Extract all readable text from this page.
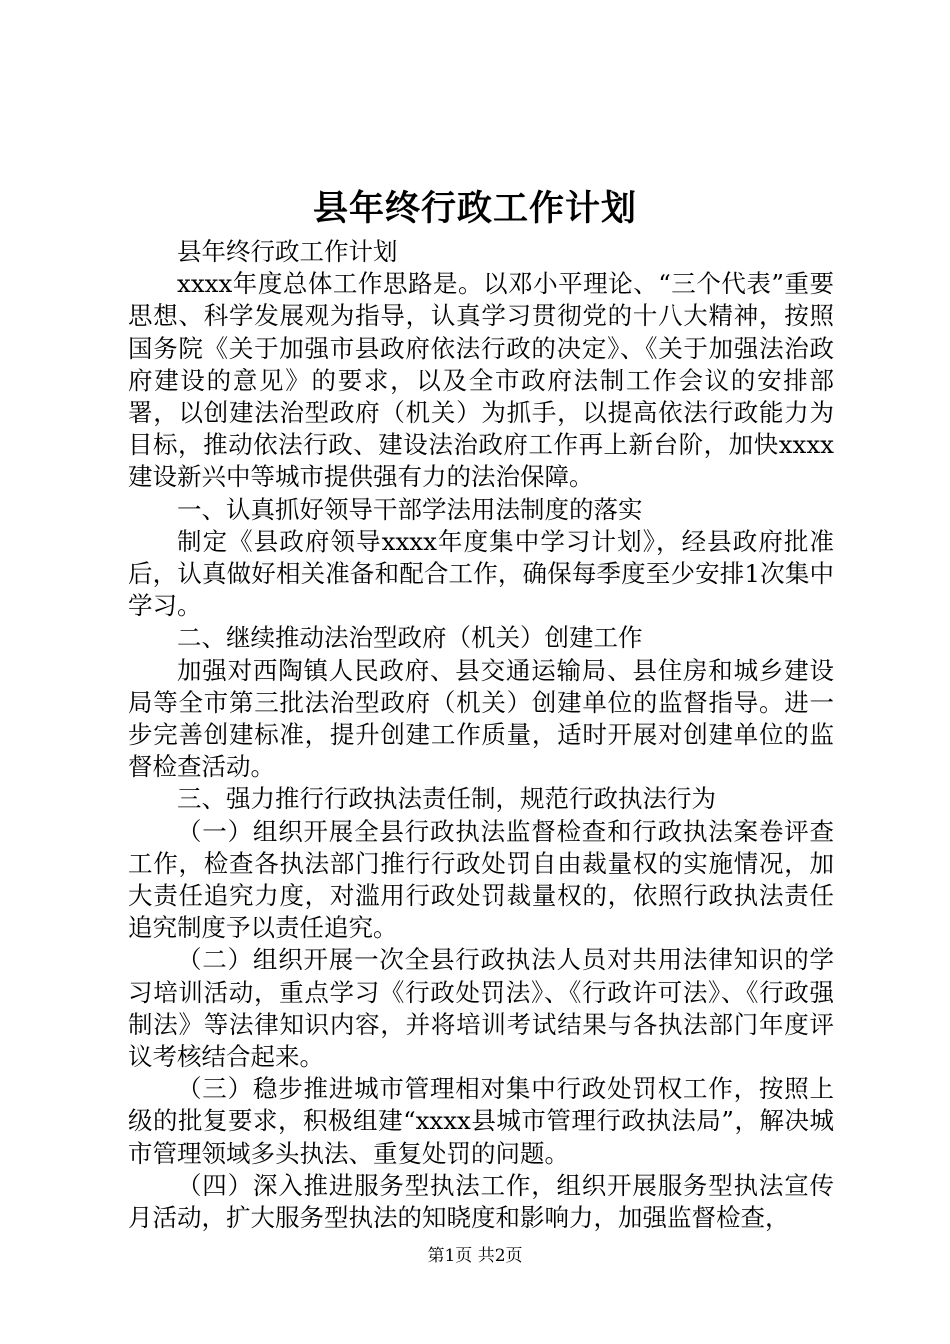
县年终行政工作计划

县年终行政工作计划

xxxx年度总体工作思路是。以邓小平理论、“三个代表”重要思想、科学发展观为指导，认真学习贯彻党的十八大精神，按照国务院《关于加强市县政府依法行政的决定》、《关于加强法治政府建设的意见》的要求，以及全市政府法制工作会议的安排部署，以创建法治型政府（机关）为抓手，以提高依法行政能力为目标，推动依法行政、建设法治政府工作再上新台阶，加快xxxx建设新兴中等城市提供强有力的法治保障。

一、认真抓好领导干部学法用法制度的落实

制定《县政府领导xxxx年度集中学习计划》，经县政府批准后，认真做好相关准备和配合工作，确保每季度至少安排1次集中学习。

二、继续推动法治型政府（机关）创建工作

加强对西陶镇人民政府、县交通运输局、县住房和城乡建设局等全市第三批法治型政府（机关）创建单位的监督指导。进一步完善创建标准，提升创建工作质量，适时开展对创建单位的监督检查活动。

三、强力推行行政执法责任制，规范行政执法行为

（一）组织开展全县行政执法监督检查和行政执法案卷评查工作，检查各执法部门推行行政处罚自由裁量权的实施情况，加大责任追究力度，对滥用行政处罚裁量权的，依照行政执法责任追究制度予以责任追究。

（二）组织开展一次全县行政执法人员对共用法律知识的学习培训活动，重点学习《行政处罚法》、《行政许可法》、《行政强制法》等法律知识内容，并将培训考试结果与各执法部门年度评议考核结合起来。

（三）稳步推进城市管理相对集中行政处罚权工作，按照上级的批复要求，积极组建“xxxx县城市管理行政执法局”，解决城市管理领域多头执法、重复处罚的问题。

（四）深入推进服务型执法工作，组织开展服务型执法宣传月活动，扩大服务型执法的知晓度和影响力，加强监督检查，

第1页 共2页
